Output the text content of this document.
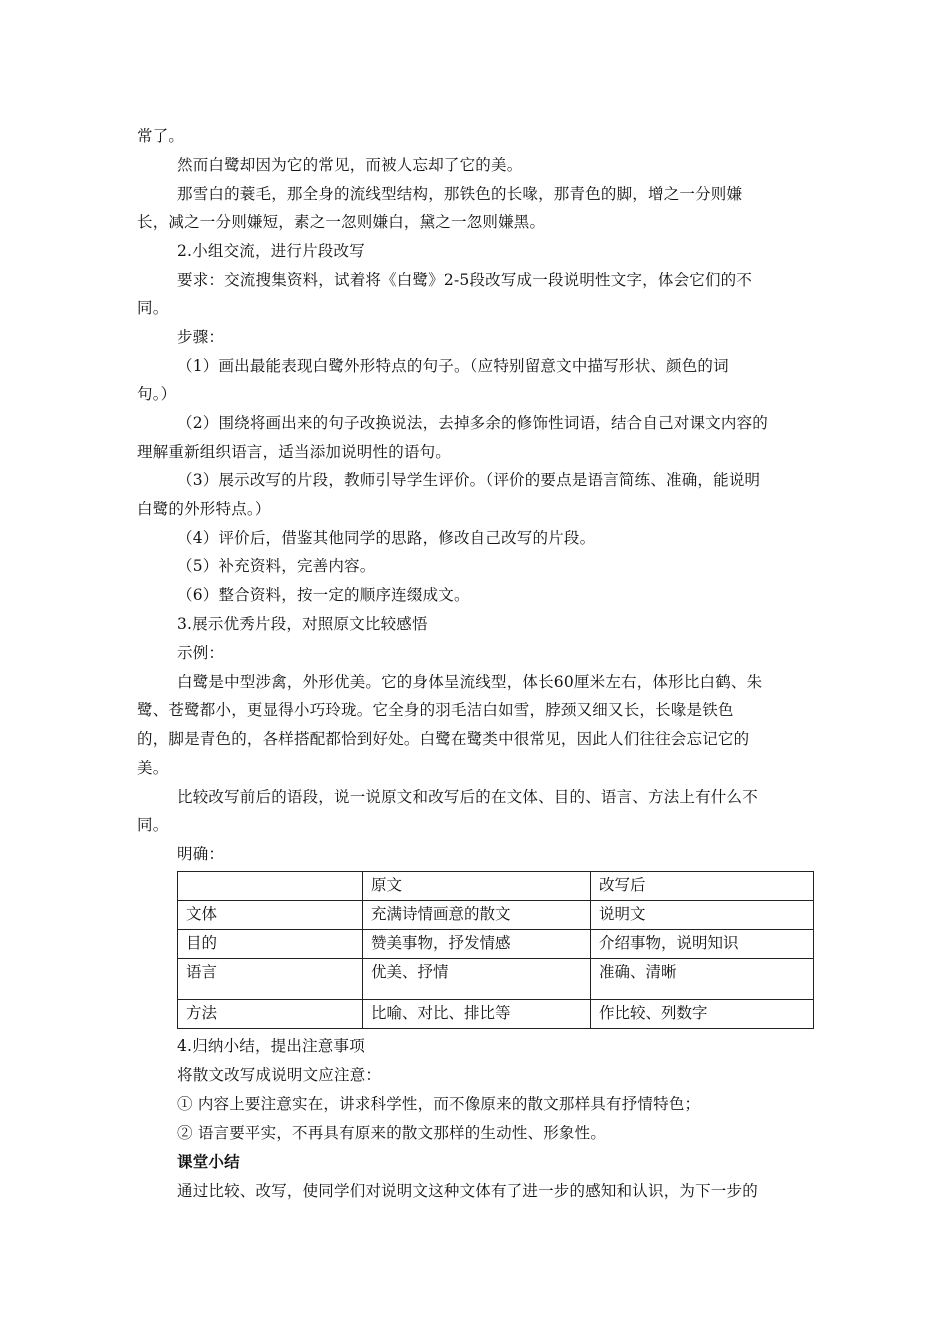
常了。
然而白鹭却因为它的常见，而被人忘却了它的美。
那雪白的蓑毛，那全身的流线型结构，那铁色的长喙，那青色的脚，增之一分则嫌
长，减之一分则嫌短，素之一忽则嫌白，黛之一忽则嫌黑。
2.小组交流，进行片段改写
要求：交流搜集资料，试着将《白鹭》2-5段改写成一段说明性文字，体会它们的不
同。
步骤：
（1）画出最能表现白鹭外形特点的句子。（应特别留意文中描写形状、颜色的词
句。）
（2）围绕将画出来的句子改换说法，去掉多余的修饰性词语，结合自己对课文内容的
理解重新组织语言，适当添加说明性的语句。
（3）展示改写的片段，教师引导学生评价。（评价的要点是语言简练、准确，能说明
白鹭的外形特点。）
（4）评价后，借鉴其他同学的思路，修改自己改写的片段。
（5）补充资料，完善内容。
（6）整合资料，按一定的顺序连缀成文。
3.展示优秀片段，对照原文比较感悟
示例：
白鹭是中型涉禽，外形优美。它的身体呈流线型，体长60厘米左右，体形比白鹤、朱
鹭、苍鹭都小，更显得小巧玲珑。它全身的羽毛洁白如雪，脖颈又细又长，长喙是铁色
的，脚是青色的，各样搭配都恰到好处。白鹭在鹭类中很常见，因此人们往往会忘记它的
美。
比较改写前后的语段，说一说原文和改写后的在文体、目的、语言、方法上有什么不
同。
明确：
	原文	改写后
文体	充满诗情画意的散文	说明文
目的	赞美事物，抒发情感	介绍事物，说明知识
语言	优美、抒情	准确、清晰
方法	比喻、对比、排比等	作比较、列数字
4.归纳小结，提出注意事项
将散文改写成说明文应注意：
① 内容上要注意实在，讲求科学性，而不像原来的散文那样具有抒情特色；
② 语言要平实，不再具有原来的散文那样的生动性、形象性。
课堂小结
通过比较、改写，使同学们对说明文这种文体有了进一步的感知和认识，为下一步的
